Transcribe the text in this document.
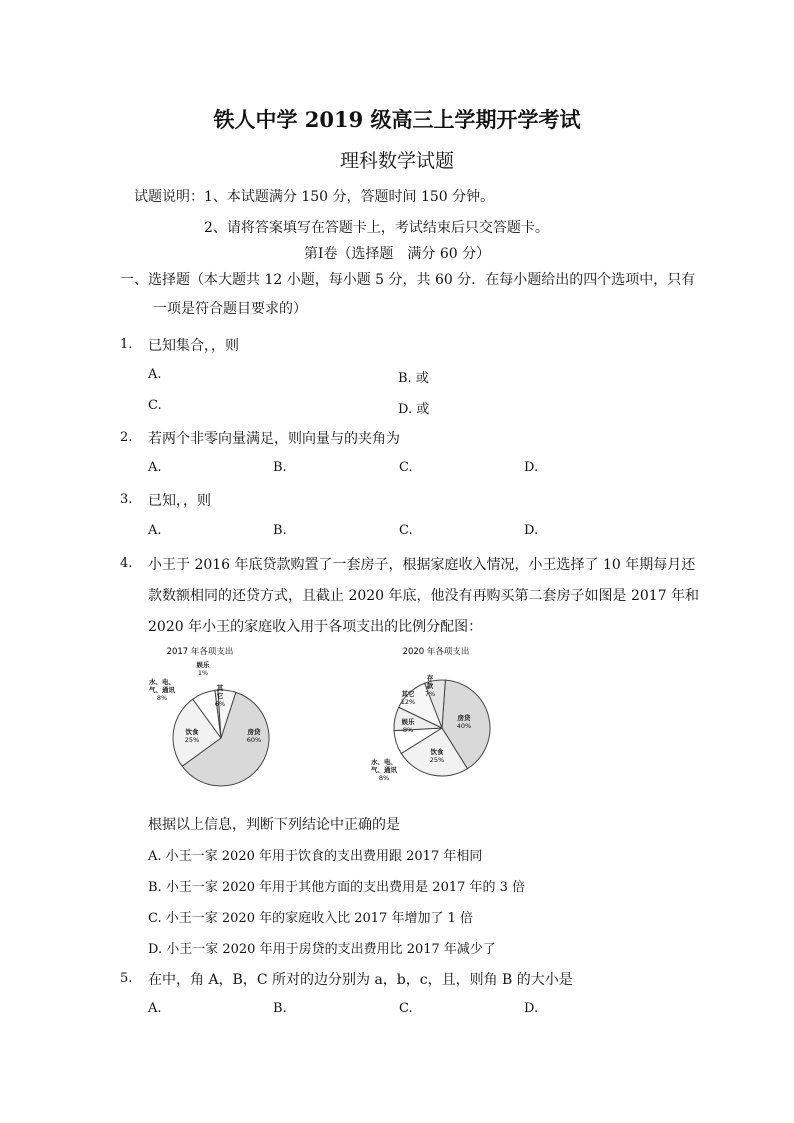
铁人中学 2019 级高三上学期开学考试
理科数学试题
试题说明：1、本试题满分 150 分，答题时间 150 分钟。
2、请将答案填写在答题卡上，考试结束后只交答题卡。
第Ⅰ卷（选择题　满分 60 分）
一、选择题（本大题共 12 小题，每小题 5 分，共 60 分．在每小题给出的四个选项中，只有
一项是符合题目要求的）
1. 已知集合，，则
A.	B. 或
C.	D. 或
2. 若两个非零向量满足，则向量与的夹角为
A.	B.	C.	D.
3. 已知，，则
A.	B.	C.	D.
4. 小王于 2016 年底贷款购置了一套房子，根据家庭收入情况，小王选择了 10 年期每月还
款数额相同的还贷方式，且截止 2020 年底，他没有再购买第二套房子如图是 2017 年和
2020 年小王的家庭收入用于各项支出的比例分配图：
2017 年各项支出
房贷
60%
饮食
25%
水、电、
气、通讯
8%
娱乐
1%
其
它
6%
2020 年各项支出
房贷
40%
饮食
25%
水、电、
气、通讯
8%
娱乐
8%
其它
12%
存
款
7%
根据以上信息，判断下列结论中正确的是
A. 小王一家 2020 年用于饮食的支出费用跟 2017 年相同
B. 小王一家 2020 年用于其他方面的支出费用是 2017 年的 3 倍
C. 小王一家 2020 年的家庭收入比 2017 年增加了 1 倍
D. 小王一家 2020 年用于房贷的支出费用比 2017 年减少了
5. 在中，角 A，B，C 所对的边分别为 a，b，c，且，则角 B 的大小是
A.	B.	C.	D.
